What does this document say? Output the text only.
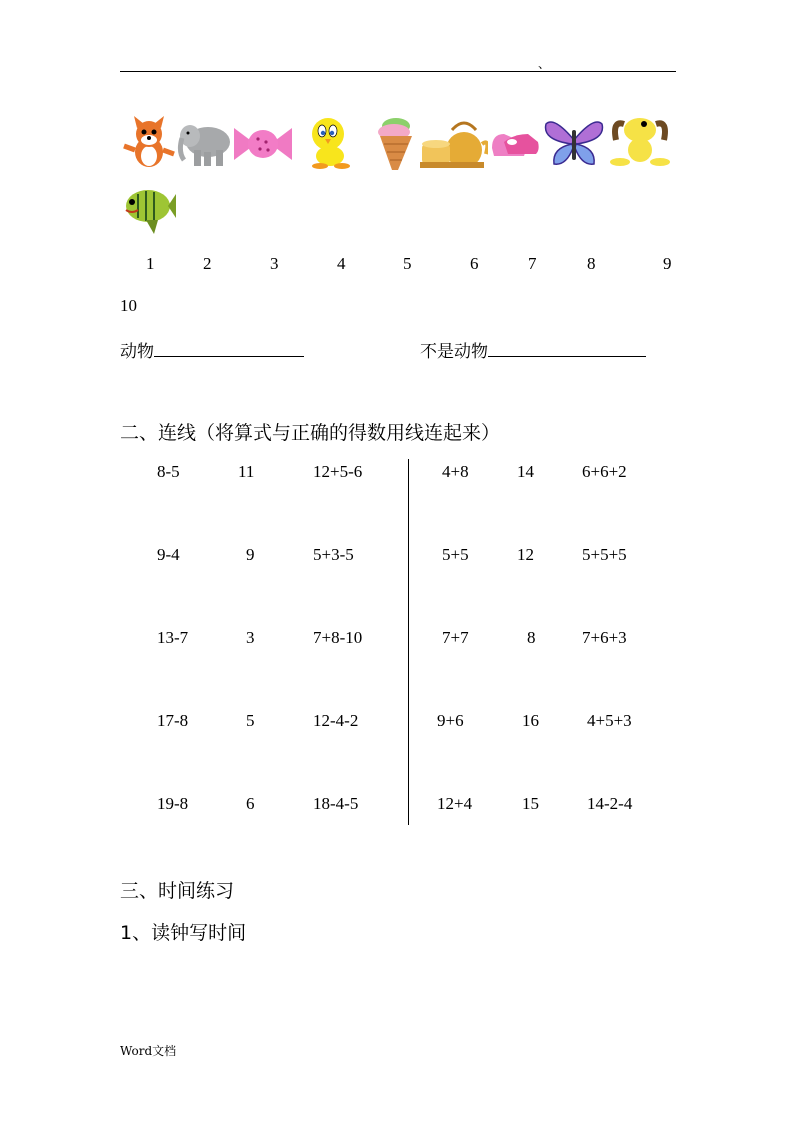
、
1	2	3	4	5	6	7	8	9
10
动物	不是动物
二、连线（将算式与正确的得数用线连起来）
8-5	11	12+5-6
9-4	9	5+3-5
13-7	3	7+8-10
17-8	5	12-4-2
19-8	6	18-4-5
4+8	14	6+6+2
5+5	12	5+5+5
7+7	8	7+6+3
9+6	16	4+5+3
12+4	15	14-2-4
三、时间练习
1、读钟写时间
Word文档
